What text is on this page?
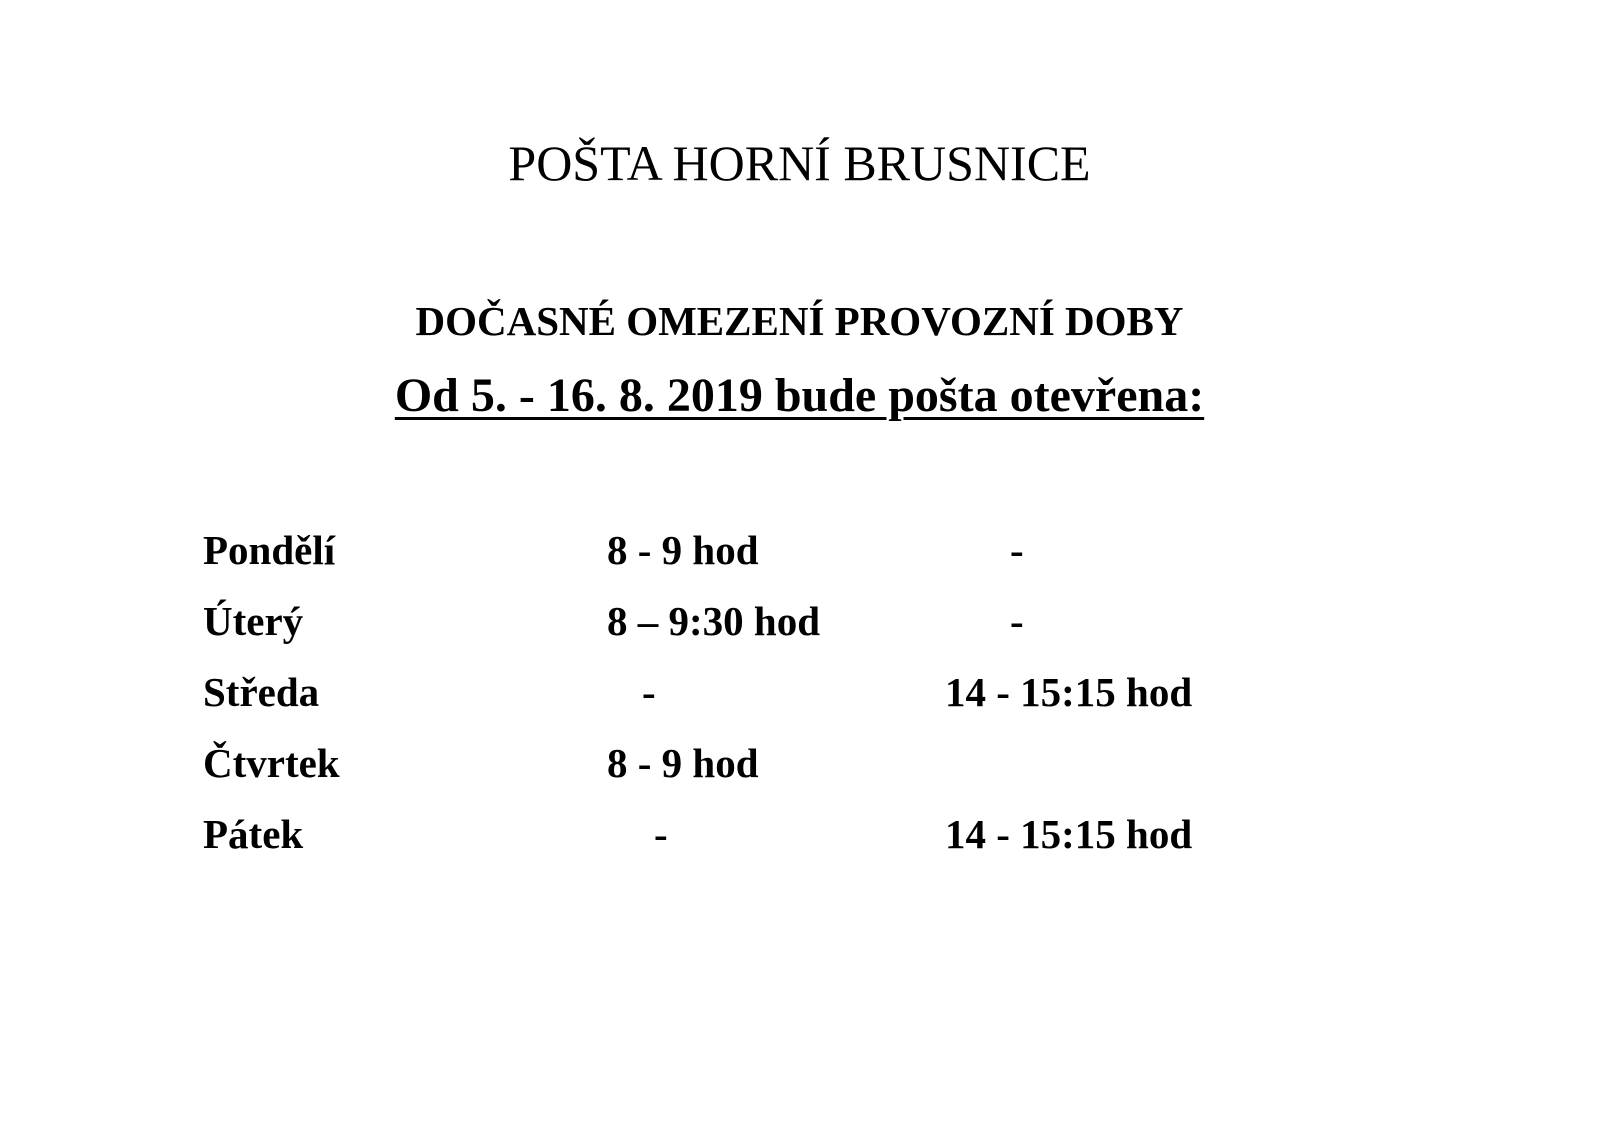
POŠTA HORNÍ BRUSNICE
DOČASNÉ OMEZENÍ PROVOZNÍ DOBY

Od 5. - 16. 8. 2019 bude pošta otevřena:

Pondělí	8 - 9 hod	-
Úterý	8 – 9:30 hod	-
Středa	-	14 - 15:15 hod
Čtvrtek	8 - 9 hod
Pátek	-	14 - 15:15 hod
